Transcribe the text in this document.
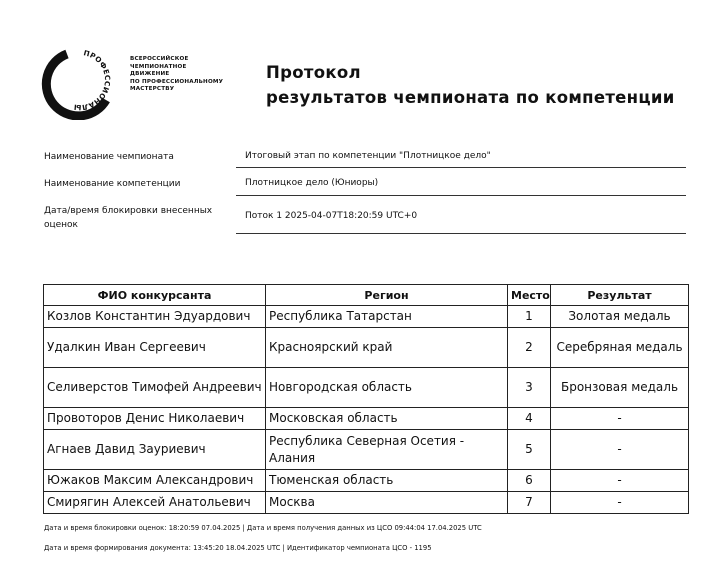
ПРОФЕССИОНАЛЫ
ВСЕРОССИЙСКОЕ
ЧЕМПИОНАТНОЕ
ДВИЖЕНИЕ
ПО ПРОФЕССИОНАЛЬНОМУ
МАСТЕРСТВУ
Протокол
результатов чемпионата по компетенции
Наименование чемпионата	Итоговый этап по компетенции "Плотницкое дело"
Наименование компетенции	Плотницкое дело (Юниоры)
Дата/время блокировки внесенных
оценок
Поток 1 2025-04-07T18:20:59 UTC+0
ФИО конкурсанта	Регион	Место	Результат
Козлов Константин Эдуардович	Республика Татарстан	1	Золотая медаль
Удалкин Иван Сергеевич	Красноярский край	2	Серебряная медаль
Селиверстов Тимофей Андреевич	Новгородская область	3	Бронзовая медаль
Провоторов Денис Николаевич	Московская область	4	-
Агнаев Давид Зауриевич	Республика Северная Осетия - Алания	5	-
Южаков Максим Александрович	Тюменская область	6	-
Смирягин Алексей Анатольевич	Москва	7	-
Дата и время блокировки оценок: 18:20:59 07.04.2025 | Дата и время получения данных из ЦСО 09:44:04 17.04.2025 UTC
Дата и время формирования документа: 13:45:20 18.04.2025 UTC | Идентификатор чемпионата ЦСО - 1195
